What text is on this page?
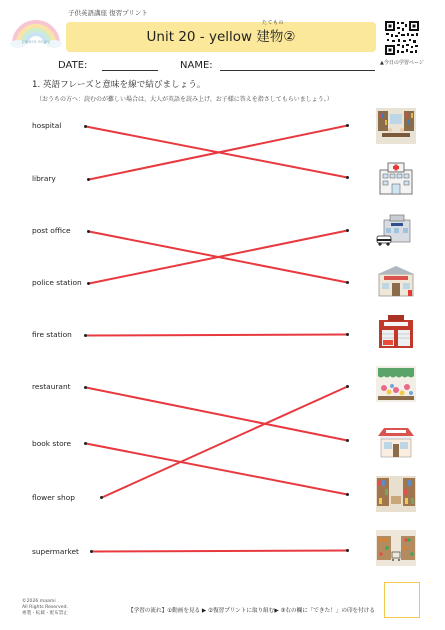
please enjoy
子供英語講座 復習プリント
Unit 20 - yellow 建物②
たてもの
▲今日の学習ページ
DATE:	NAME:
1. 英語フレーズと意味を線で結びましょう。
（おうちの方へ：読むのが難しい場合は、大人が英語を読み上げ、お子様に答えを指さしてもらいましょう。）
hospital
library
post office
police station
fire station
restaurant
book store
flower shop
supermarket
©2026 maami
All Rights Reserved.
複製・転載・配布禁止	【学習の流れ】①動画を見る ▶ ②復習プリントに取り組む▶ ③右の欄に「できた！」の印を付ける
